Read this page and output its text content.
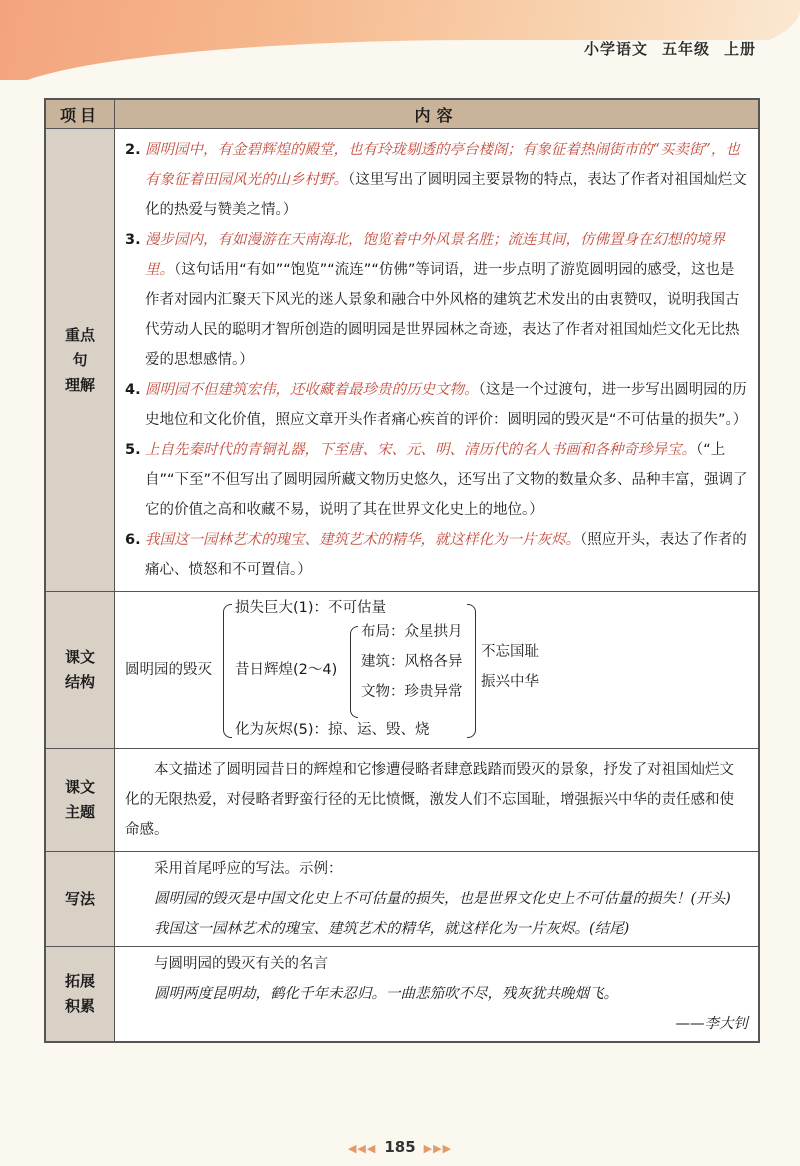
小学语文 五年级 上册
项目	内容
重点句
理解
2. 圆明园中，有金碧辉煌的殿堂，也有玲珑剔透的亭台楼阁；有象征着热闹街市的“买卖街”，也有象征着田园风光的山乡村野。（这里写出了圆明园主要景物的特点，表达了作者对祖国灿烂文化的热爱与赞美之情。）
3. 漫步园内，有如漫游在天南海北，饱览着中外风景名胜；流连其间，仿佛置身在幻想的境界里。（这句话用“有如”“饱览”“流连”“仿佛”等词语，进一步点明了游览圆明园的感受，这也是作者对园内汇聚天下风光的迷人景象和融合中外风格的建筑艺术发出的由衷赞叹，说明我国古代劳动人民的聪明才智所创造的圆明园是世界园林之奇迹，表达了作者对祖国灿烂文化无比热爱的思想感情。）
4. 圆明园不但建筑宏伟，还收藏着最珍贵的历史文物。（这是一个过渡句，进一步写出圆明园的历史地位和文化价值，照应文章开头作者痛心疾首的评价：圆明园的毁灭是“不可估量的损失”。）
5. 上自先秦时代的青铜礼器，下至唐、宋、元、明、清历代的名人书画和各种奇珍异宝。（“上自”“下至”不但写出了圆明园所藏文物历史悠久，还写出了文物的数量众多、品种丰富，强调了它的价值之高和收藏不易，说明了其在世界文化史上的地位。）
6. 我国这一园林艺术的瑰宝、建筑艺术的精华，就这样化为一片灰烬。（照应开头，表达了作者的痛心、愤怒和不可置信。）
课文
结构
圆明园的毁灭
损失巨大(1)：不可估量
昔日辉煌(2～4)
化为灰烬(5)：掠、运、毁、烧
布局：众星拱月
建筑：风格各异
文物：珍贵异常
不忘国耻
振兴中华
课文
主题
本文描述了圆明园昔日的辉煌和它惨遭侵略者肆意践踏而毁灭的景象，抒发了对祖国灿烂文化的无限热爱，对侵略者野蛮行径的无比愤慨，激发人们不忘国耻，增强振兴中华的责任感和使命感。
写法
采用首尾呼应的写法。示例：
圆明园的毁灭是中国文化史上不可估量的损失，也是世界文化史上不可估量的损失！(开头)
我国这一园林艺术的瑰宝、建筑艺术的精华，就这样化为一片灰烬。(结尾)
拓展
积累
与圆明园的毁灭有关的名言
圆明两度昆明劫，鹤化千年未忍归。一曲悲笳吹不尽，残灰犹共晚烟飞。
——李大钊
◀◀◀ 185 ▶▶▶
